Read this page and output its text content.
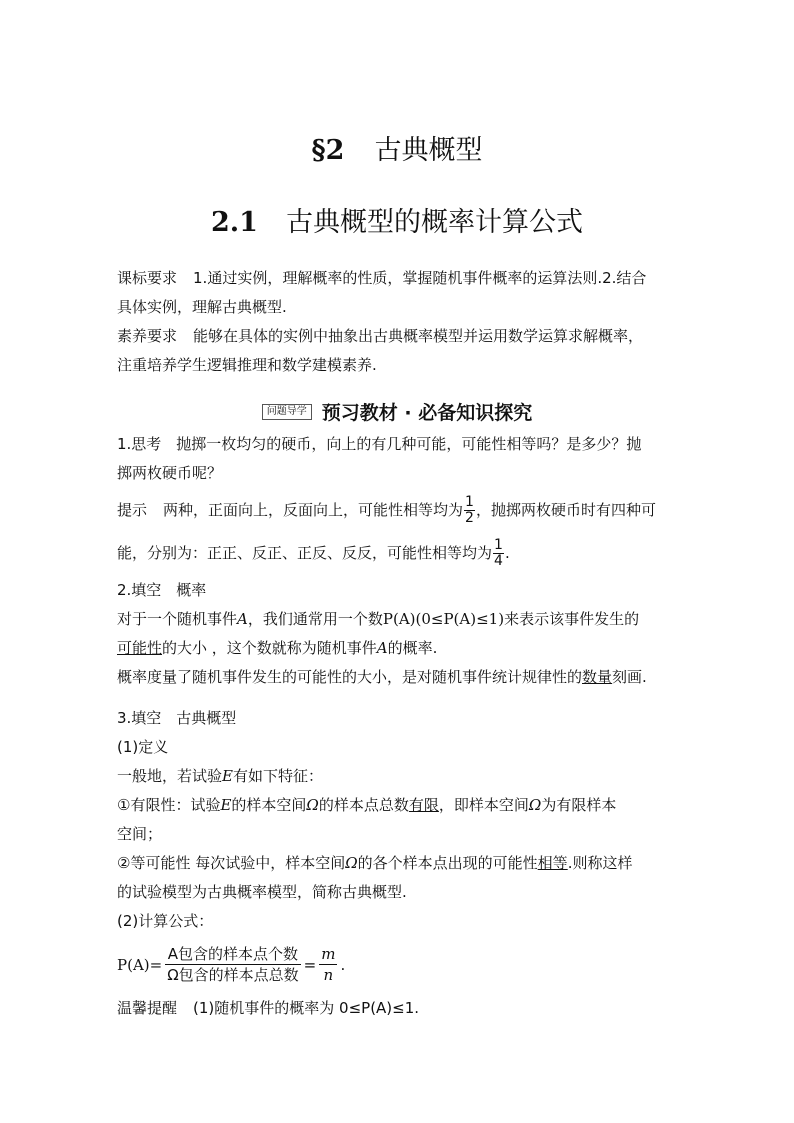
§2 古典概型
2.1 古典概型的概率计算公式

课标要求 1.通过实例，理解概率的性质，掌握随机事件概率的运算法则.2.结合

具体实例，理解古典概型.

素养要求 能够在具体的实例中抽象出古典概率模型并运用数学运算求解概率，

注重培养学生逻辑推理和数学建模素养.

问题导学 预习教材 · 必备知识探究

1.思考　抛掷一枚均匀的硬币，向上的有几种可能，可能性相等吗？是多少？抛

掷两枚硬币呢？

提示 两种，正面向上，反面向上，可能性相等均为 $\frac{1}{2}$ ，抛掷两枚硬币时有四种可
能，分别为：正正、反正、正反、反反，可能性相等均为 $\frac{1}{4}$ .

2.填空　概率

对于一个随机事件A，我们通常用一个数P(A)(0≤P(A)≤1)来表示该事件发生的

可能性的大小 ，这个数就称为随机事件A的概率.

概率度量了随机事件发生的可能性的大小，是对随机事件统计规律性的数量刻画.

3.填空　古典概型

(1)定义

一般地，若试验E有如下特征：

①有限性：试验E的样本空间Ω的样本点总数有限，即样本空间Ω为有限样本

空间；

②等可能性 每次试验中，样本空间Ω的各个样本点出现的可能性相等.则称这样

的试验模型为古典概率模型，简称古典概型.

(2)计算公式：

P(A)=
A包含的样本点个数
Ω包含的样本点总数
= $\frac{m}{n}$ .
温馨提醒 (1)随机事件的概率为 0≤P(A)≤1.
